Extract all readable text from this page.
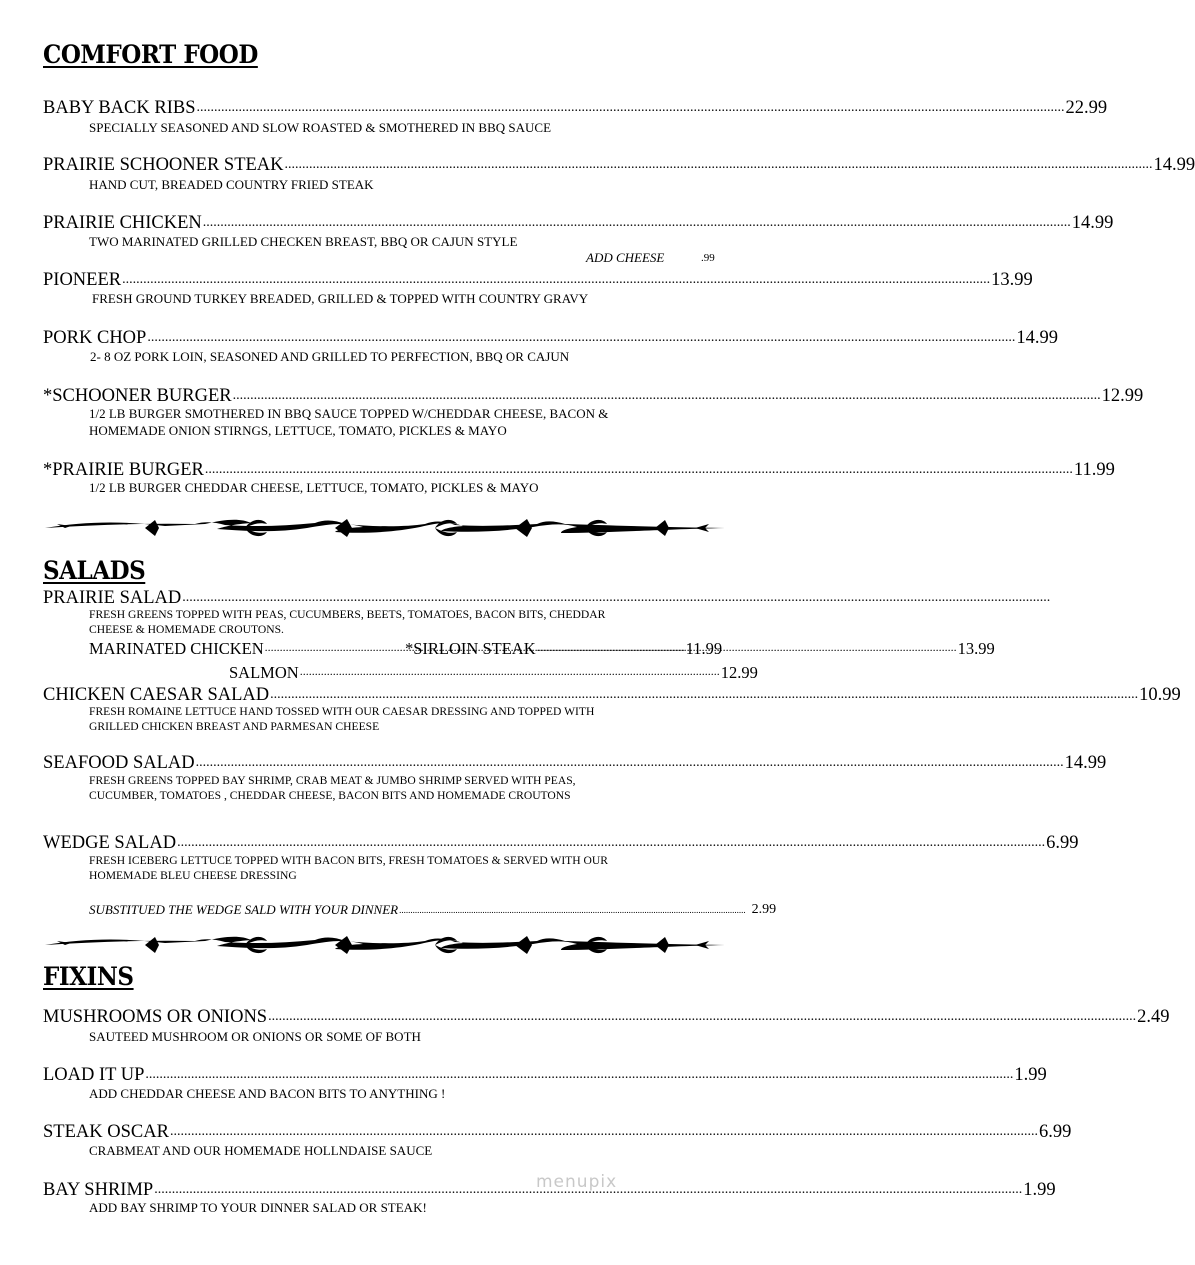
COMFORT FOOD
BABY BACK RIBS .....	22.99
SPECIALLY SEASONED AND SLOW ROASTED & SMOTHERED IN BBQ SAUCE
PRAIRIE SCHOONER STEAK .....	14.99
HAND CUT, BREADED COUNTRY FRIED STEAK
PRAIRIE CHICKEN .....	14.99
TWO MARINATED GRILLED CHECKEN BREAST, BBQ OR CAJUN STYLE
ADD CHEESE	.99
PIONEER .....	13.99
FRESH GROUND TURKEY BREADED, GRILLED & TOPPED WITH COUNTRY GRAVY
PORK CHOP .....	14.99
2- 8 OZ PORK LOIN, SEASONED AND GRILLED TO PERFECTION, BBQ OR CAJUN
*SCHOONER BURGER .....	12.99
1/2 LB BURGER SMOTHERED IN BBQ SAUCE TOPPED W/CHEDDAR CHEESE, BACON &
HOMEMADE ONION STIRNGS, LETTUCE, TOMATO, PICKLES & MAYO
*PRAIRIE BURGER .....	11.99
1/2 LB BURGER CHEDDAR CHEESE, LETTUCE, TOMATO, PICKLES & MAYO
SALADS
PRAIRIE SALAD
.....
FRESH GREENS TOPPED WITH PEAS, CUCUMBERS, BEETS, TOMATOES, BACON BITS, CHEDDAR
CHEESE & HOMEMADE CROUTONS.
MARINATED CHICKEN .....	11.99
*SIRLOIN STEAK .....	13.99
SALMON .....	12.99
CHICKEN CAESAR SALAD .....	10.99
FRESH ROMAINE LETTUCE HAND TOSSED WITH OUR CAESAR DRESSING AND TOPPED WITH
GRILLED CHICKEN BREAST AND PARMESAN CHEESE
SEAFOOD SALAD .....	14.99
FRESH GREENS TOPPED BAY SHRIMP, CRAB MEAT & JUMBO SHRIMP SERVED WITH PEAS,
CUCUMBER, TOMATOES , CHEDDAR CHEESE, BACON BITS AND HOMEMADE CROUTONS
WEDGE SALAD .....	6.99
FRESH ICEBERG LETTUCE TOPPED WITH BACON BITS, FRESH TOMATOES & SERVED WITH OUR
HOMEMADE BLEU CHEESE DRESSING
SUBSTITUED THE WEDGE SALD WITH YOUR DINNER .......................................................................................................................................................... 2.99
FIXINS
MUSHROOMS OR ONIONS .....	2.49
SAUTEED MUSHROOM OR ONIONS OR SOME OF BOTH
LOAD IT UP .....	1.99
ADD CHEDDAR CHEESE AND BACON BITS TO ANYTHING !
STEAK OSCAR .....	6.99
CRABMEAT AND OUR HOMEMADE HOLLNDAISE SAUCE
BAY SHRIMP .....	1.99
ADD BAY SHRIMP TO YOUR DINNER SALAD OR STEAK!
menupix
